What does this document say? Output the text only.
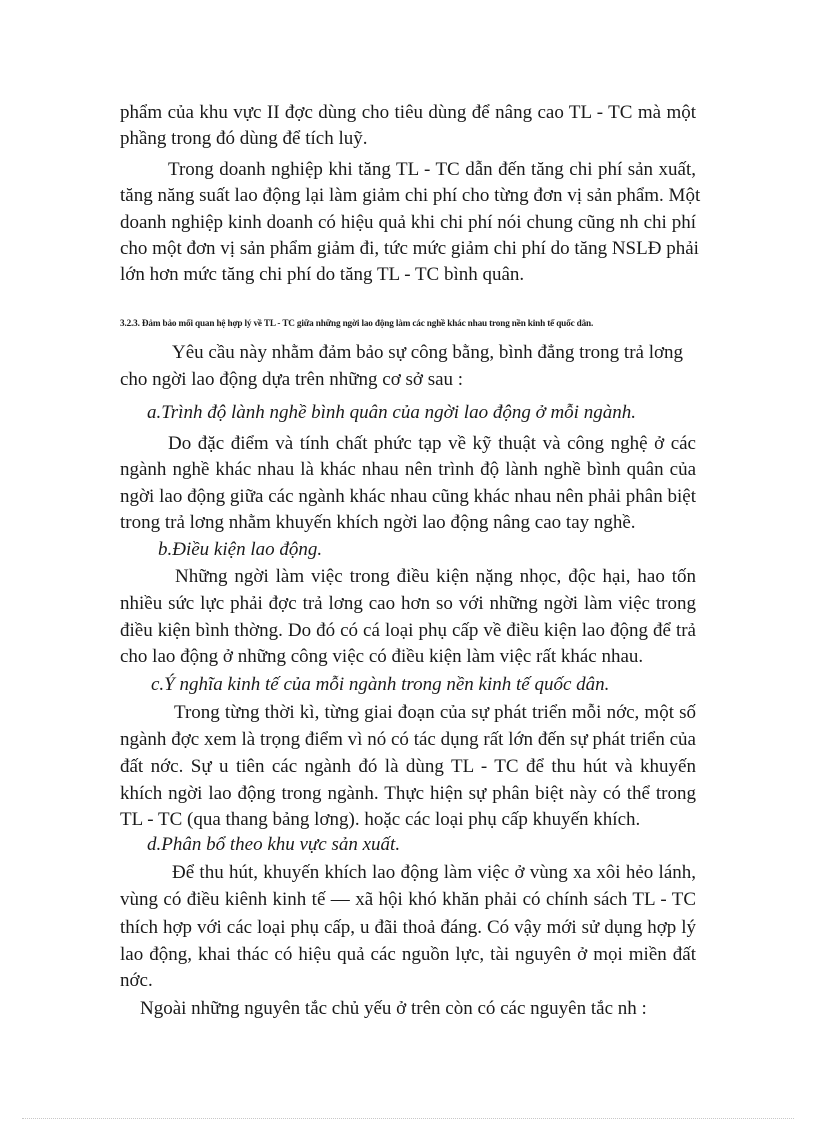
phẩm của khu vực II đợc dùng cho tiêu dùng để nâng cao TL - TC mà một
phầng trong đó dùng để tích luỹ.
Trong doanh nghiệp khi tăng TL - TC dẫn đến tăng chi phí sản xuất,
tăng năng suất lao động lại làm giảm chi phí cho từng đơn vị sản phẩm. Một
doanh nghiệp kinh doanh có hiệu quả khi chi phí nói chung cũng nh chi phí
cho một đơn vị sản phẩm giảm đi, tức mức giảm chi phí do tăng NSLĐ phải
lớn hơn mức tăng chi phí do tăng TL - TC bình quân.
3.2.3. Đảm bảo mối quan hệ hợp lý về TL - TC giữa những ngời lao động làm các nghề khác nhau trong nền kinh tế quốc dân.
Yêu cầu này nhằm đảm bảo sự công bằng, bình đẳng trong trả lơng
cho ngời lao động dựa trên những cơ sở sau :
a.Trình độ lành nghề bình quân của ngời lao động ở mỗi ngành.
Do đặc điểm và tính chất phức tạp về kỹ thuật và công nghệ ở các
ngành nghề khác nhau là khác nhau nên trình độ lành nghề bình quân của
ngời lao động giữa các ngành khác nhau cũng khác nhau nên phải phân biệt
trong trả lơng nhằm khuyến khích ngời lao động nâng cao tay nghề.
b.Điều kiện lao động.
Những ngời làm việc trong điều kiện nặng nhọc, độc hại, hao tốn
nhiều sức lực phải đợc trả lơng cao hơn so với những ngời làm việc trong
điều kiện bình thờng. Do đó có cá loại phụ cấp về điều kiện lao động để trả
cho lao động ở những công việc có điều kiện làm việc rất khác nhau.
c.Ý nghĩa kinh tế của mỗi ngành trong nền kinh tế quốc dân.
Trong từng thời kì, từng giai đoạn của sự phát triển mỗi nớc, một số
ngành đợc xem là trọng điểm vì nó có tác dụng rất lớn đến sự phát triển của
đất nớc. Sự u tiên các ngành đó là dùng TL - TC để thu hút và khuyến
khích ngời lao động trong ngành. Thực hiện sự phân biệt này có thể trong
TL - TC (qua thang bảng lơng). hoặc các loại phụ cấp khuyến khích.
d.Phân bổ theo khu vực sản xuất.
Để thu hút, khuyến khích lao động làm việc ở vùng xa xôi hẻo lánh,
vùng có điều kiênh kinh tế — xã hội khó khăn phải có chính sách TL - TC
thích hợp với các loại phụ cấp, u đãi thoả đáng. Có vậy mới sử dụng hợp lý
lao động, khai thác có hiệu quả các nguồn lực, tài nguyên ở mọi miền đất
nớc.
Ngoài những nguyên tắc chủ yếu ở trên còn có các nguyên tắc nh :
